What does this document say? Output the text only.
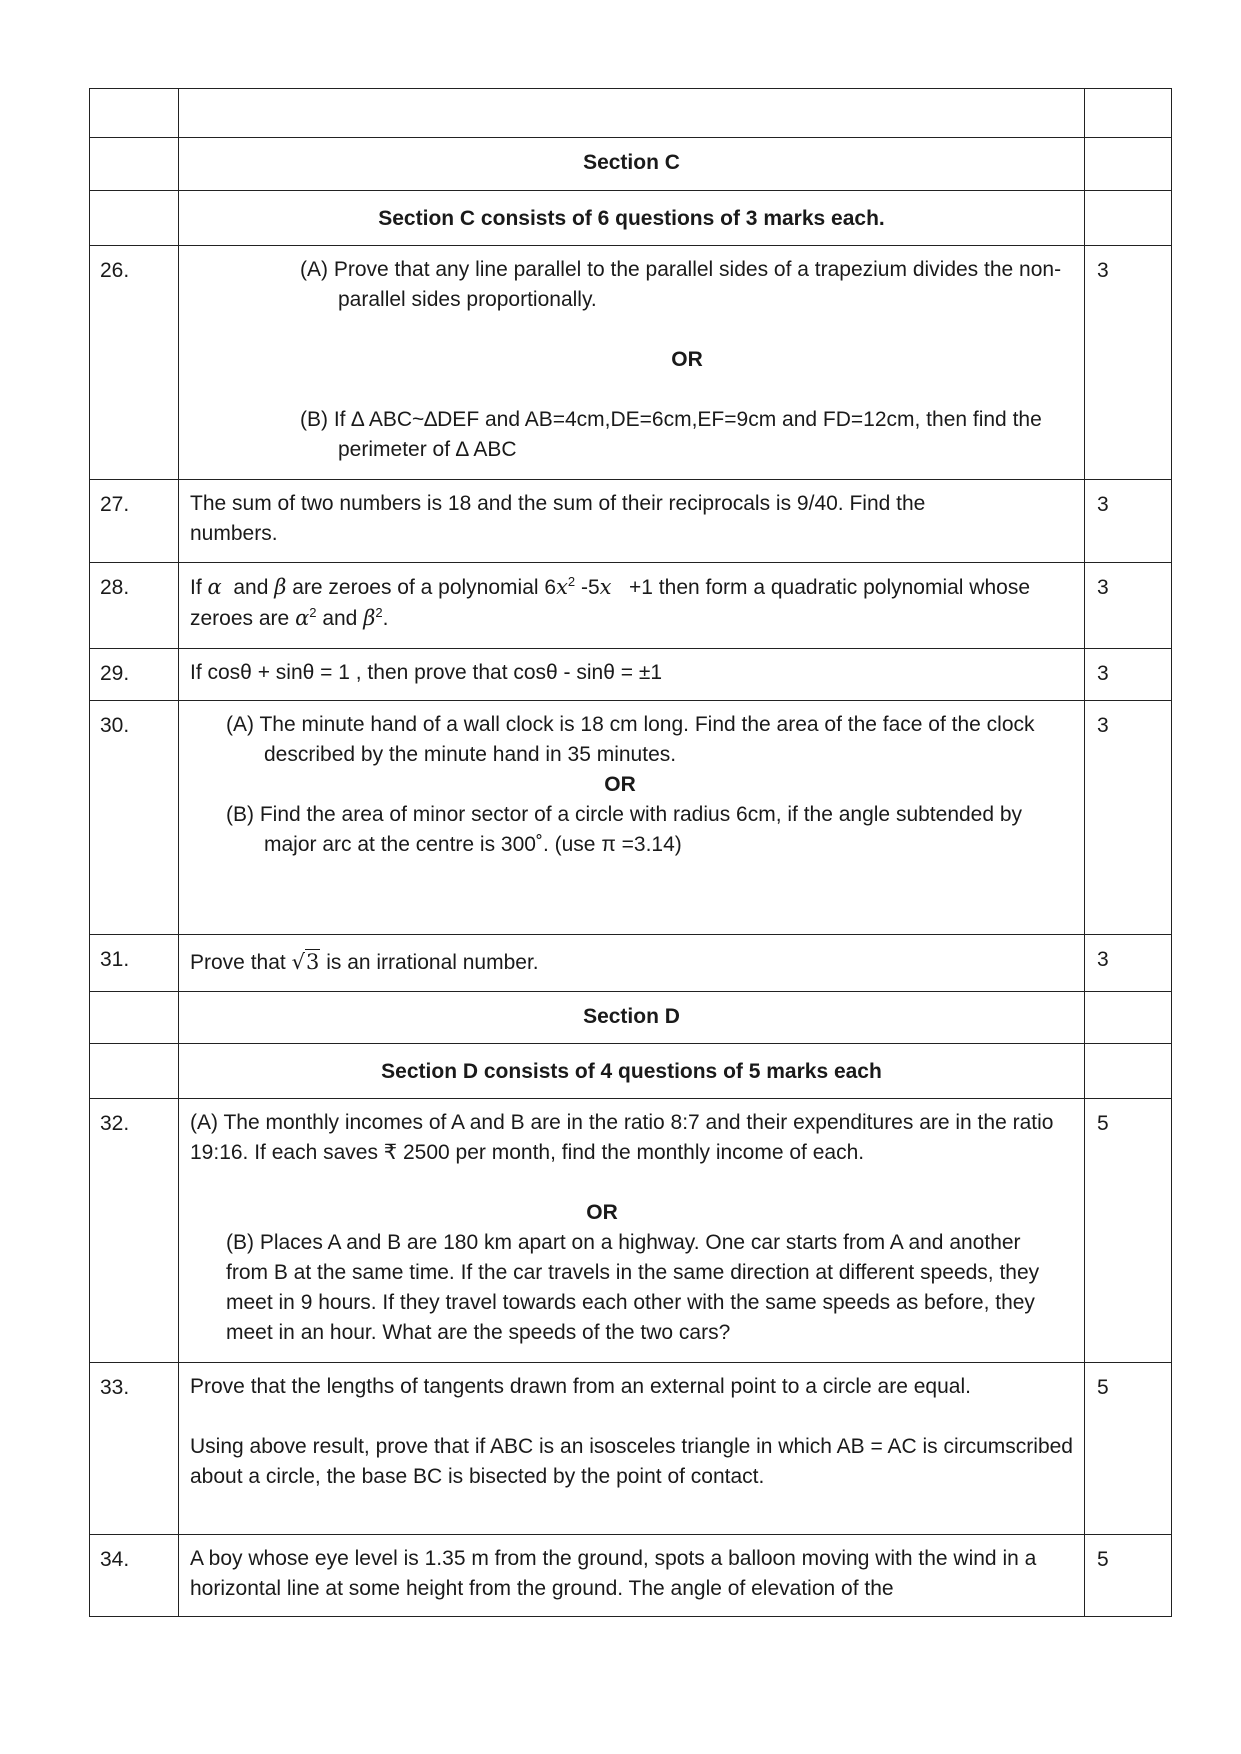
	Section C	
	Section C consists of 6 questions of 3 marks each.	
26.	(A) Prove that any line parallel to the parallel sides of a trapezium divides the non-parallel sides proportionally.
OR
(B) If ∆ ABC~∆DEF and AB=4cm,DE=6cm,EF=9cm and FD=12cm, then find the perimeter of ∆ ABC	3
27.	The sum of two numbers is 18 and the sum of their reciprocals is 9/40. Find the numbers.	3
28.	If α and β are zeroes of a polynomial $6x^2$ -5x +1 then form a quadratic polynomial whose zeroes are $\alpha^2$ and $\beta^2$.	3
29.	If cosθ + sinθ = 1 , then prove that cosθ - sinθ = ±1	3
30.	(A) The minute hand of a wall clock is 18 cm long. Find the area of the face of the clock described by the minute hand in 35 minutes.
OR
(B) Find the area of minor sector of a circle with radius 6cm, if the angle subtended by major arc at the centre is 300˚. (use π =3.14)	3
31.	Prove that √3 is an irrational number.	3
	Section D	
	Section D consists of 4 questions of 5 marks each	
32.	(A) The monthly incomes of A and B are in the ratio 8:7 and their expenditures are in the ratio 19:16. If each saves ₹ 2500 per month, find the monthly income of each.
OR
(B) Places A and B are 180 km apart on a highway. One car starts from A and another from B at the same time. If the car travels in the same direction at different speeds, they meet in 9 hours. If they travel towards each other with the same speeds as before, they meet in an hour. What are the speeds of the two cars?	5
33.	Prove that the lengths of tangents drawn from an external point to a circle are equal.
Using above result, prove that if ABC is an isosceles triangle in which AB = AC is circumscribed about a circle, the base BC is bisected by the point of contact.	5
34.	A boy whose eye level is 1.35 m from the ground, spots a balloon moving with the wind in a horizontal line at some height from the ground. The angle of elevation of the	5
